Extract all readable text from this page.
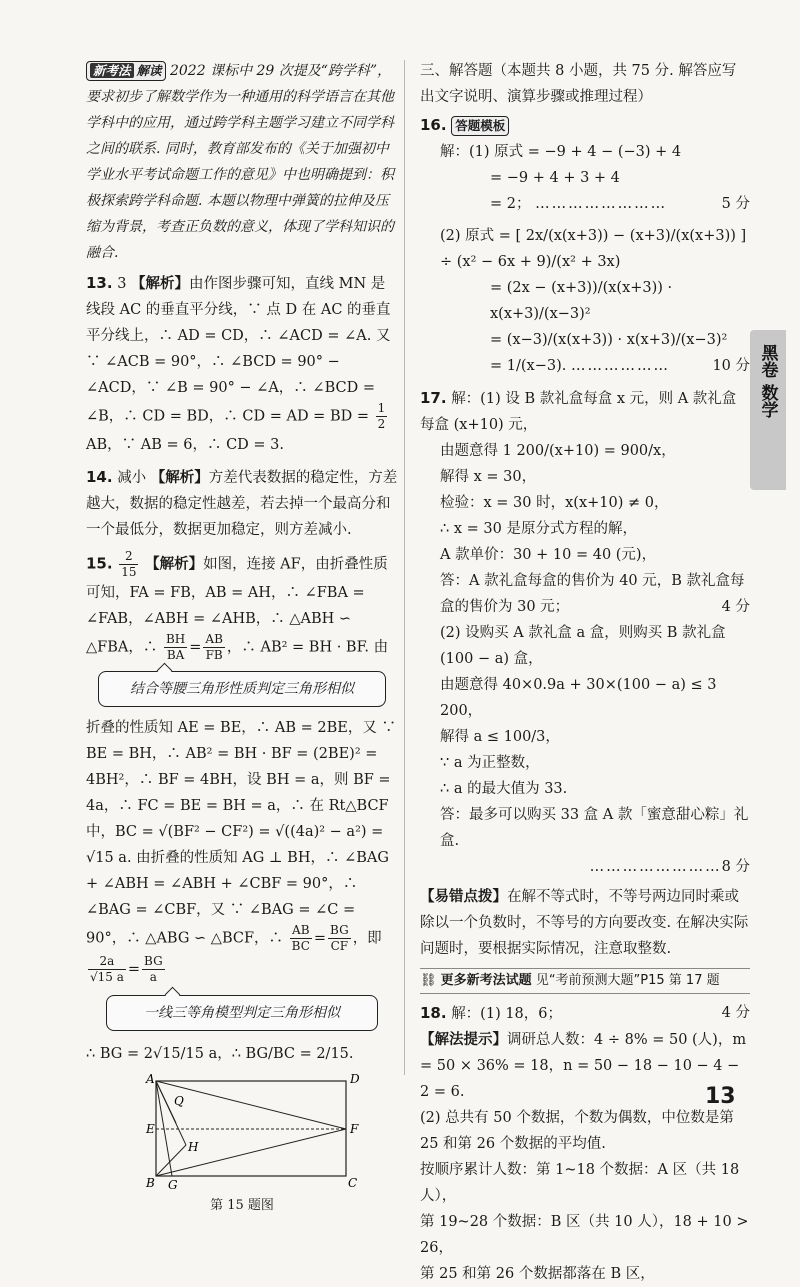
新考法 解读 2022 课标中 29 次提及“跨学科”，要求初步了解数学作为一种通用的科学语言在其他学科中的应用，通过跨学科主题学习建立不同学科之间的联系. 同时，教育部发布的《关于加强初中学业水平考试命题工作的意见》中也明确提到：积极探索跨学科命题. 本题以物理中弹簧的拉伸及压缩为背景，考查正负数的意义，体现了学科知识的融合.

13. 3 【解析】由作图步骤可知，直线 MN 是线段 AC 的垂直平分线，∵ 点 D 在 AC 的垂直平分线上，∴ AD = CD，∴ ∠ACD = ∠A. 又 ∵ ∠ACB = 90°，∴ ∠BCD = 90° − ∠ACD，∵ ∠B = 90° − ∠A，∴ ∠BCD = ∠B，∴ CD = BD，∴ CD = AD = BD = $\frac{1}{2}$
AB，∵ AB = 6，∴ CD = 3.

14. 减小 【解析】方差代表数据的稳定性，方差越大，数据的稳定性越差，若去掉一个最高分和一个最低分，数据更加稳定，则方差减小.

15. $\frac{2}{15}$ 【解析】如图，连接 AF，由折叠性质可知，FA = FB，AB = AH，∴ ∠FBA = ∠FAB，∠ABH = ∠AHB，∴ △ABH ∽ △FBA，∴ $\frac{BH}{BA} = \frac{AB}{FB}$ ，∴ AB² = BH · BF. 由

结合等腰三角形性质判定三角形相似

折叠的性质知 AE = BE，∴ AB = 2BE，又 ∵ BE = BH，∴ AB² = BH · BF = (2BE)² = 4BH²，∴ BF = 4BH，设 BH = a，则 BF = 4a，∴ FC = BE = BH = a，∴ 在 Rt△BCF 中，BC = √(BF² − CF²) = √((4a)² − a²) = √15 a. 由折叠的性质知 AG ⊥ BH，∴ ∠BAG + ∠ABH = ∠ABH + ∠CBF = 90°，∴ ∠BAG = ∠CBF，又 ∵ ∠BAG = ∠C = 90°，∴ △ABG ∽ △BCF，∴ $\frac{AB}{BC} = \frac{BG}{CF}$ ，即
$\frac{2a}{√15 a} = \frac{BG}{a}$

一线三等角模型判定三角形相似

∴ BG = 2√15/15 a，∴ BG/BC = 2/15.

A	D
Q
E	F
H
B G	C
第 15 题图

三、解答题（本题共 8 小题，共 75 分. 解答应写出文字说明、演算步骤或推理过程）

16. 答题模板

解：(1) 原式 = −9 + 4 − (−3) + 4

= −9 + 4 + 3 + 4

= 2； ……………………	5 分

(2) 原式 = [ 2x/(x(x+3)) − (x+3)/(x(x+3)) ] ÷ (x² − 6x + 9)/(x² + 3x)

= (2x − (x+3))/(x(x+3)) · x(x+3)/(x−3)²

= (x−3)/(x(x+3)) · x(x+3)/(x−3)²

= 1/(x−3). ………………	10 分

17. 解：(1) 设 B 款礼盒每盒 x 元，则 A 款礼盒每盒 (x+10) 元，

由题意得 1 200/(x+10) = 900/x，

解得 x = 30，

检验：x = 30 时，x(x+10) ≠ 0，

∴ x = 30 是原分式方程的解，

A 款单价：30 + 10 = 40 (元)，

答：A 款礼盒每盒的售价为 40 元，B 款礼盒每盒的售价为 30 元；	4 分

(2) 设购买 A 款礼盒 a 盒，则购买 B 款礼盒 (100 − a) 盒，

由题意得 40×0.9a + 30×(100 − a) ≤ 3 200，

解得 a ≤ 100/3，

∵ a 为正整数，

∴ a 的最大值为 33.

答：最多可以购买 33 盒 A 款「蜜意甜心粽」礼盒.

……………………8 分

【易错点拨】在解不等式时，不等号两边同时乘或除以一个负数时，不等号的方向要改变. 在解决实际问题时，要根据实际情况，注意取整数.

⛓ 更多新考法试题 见“考前预测大题”P15 第 17 题

18. 解：(1) 18，6；	4 分

【解法提示】调研总人数：4 ÷ 8% = 50 (人)，m = 50 × 36% = 18，n = 50 − 18 − 10 − 4 − 2 = 6.

(2) 总共有 50 个数据，个数为偶数，中位数是第 25 和第 26 个数据的平均值.

按顺序累计人数：第 1~18 个数据：A 区（共 18 人），

第 19~28 个数据：B 区（共 10 人），18 + 10 > 26，

第 25 和第 26 个数据都落在 B 区，

黑卷 数学
13
